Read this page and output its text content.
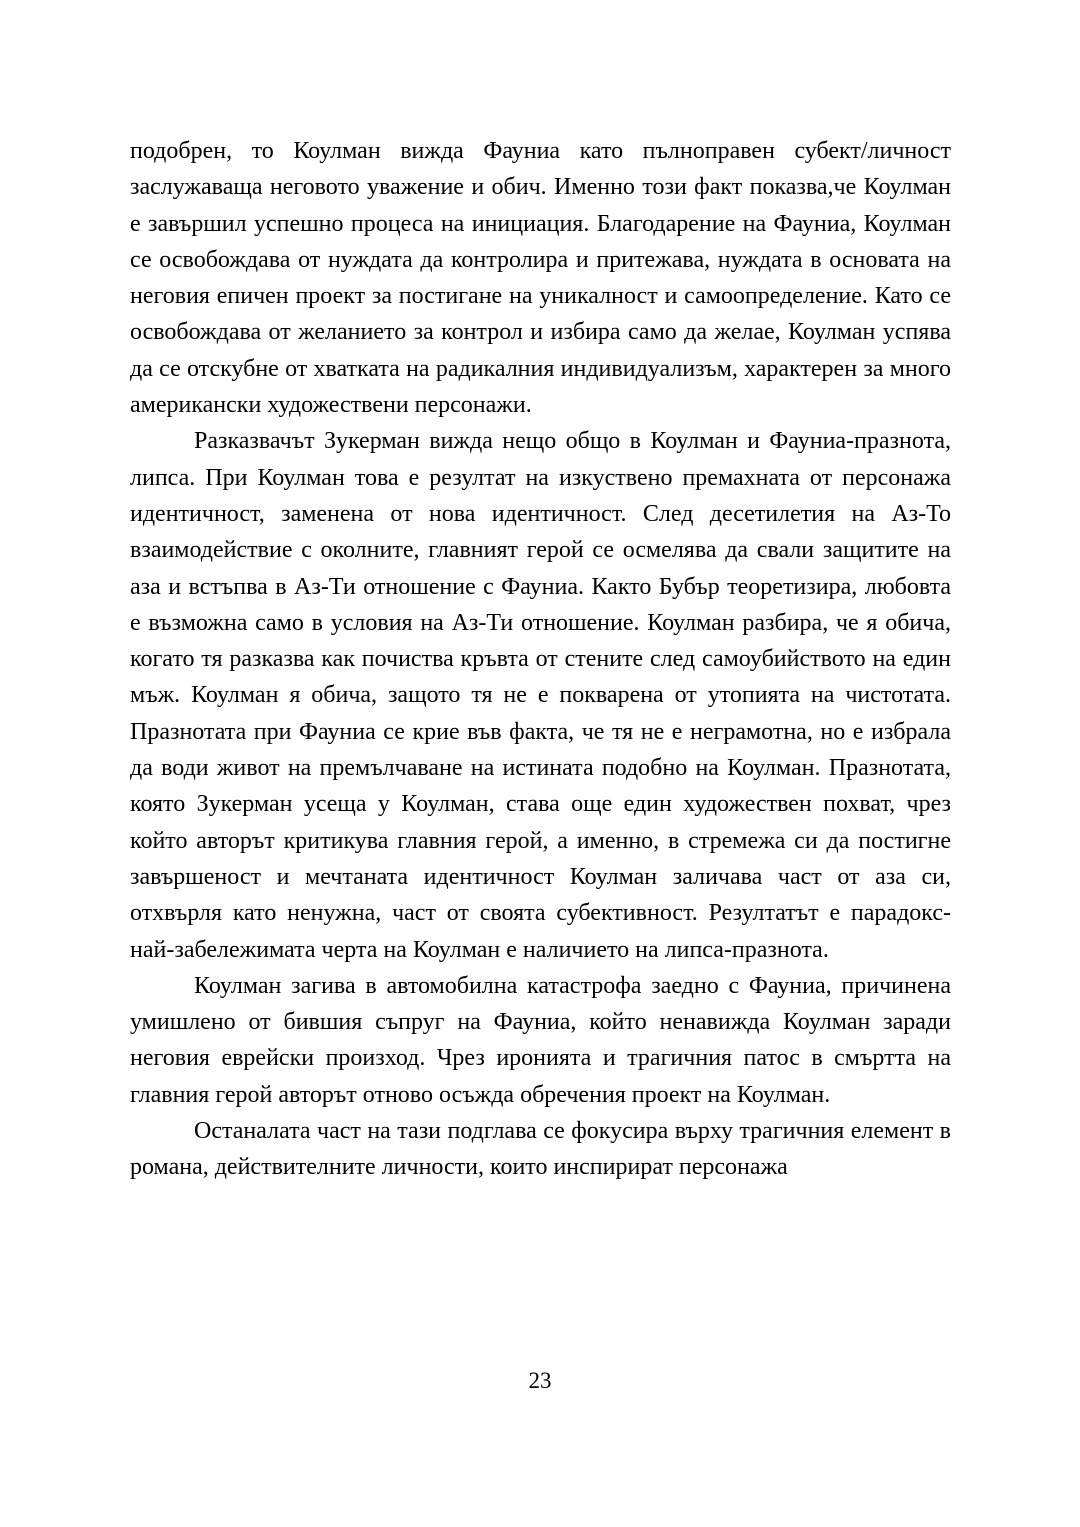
подобрен, то Коулман вижда Фауниа като пълноправен субект/личност заслужаваща неговото уважение и обич. Именно този факт показва,че Коулман е завършил успешно процеса на инициация. Благодарение на Фауниа, Коулман се освобождава от нуждата да контролира и притежава, нуждата в основата на неговия епичен проект за постигане на уникалност и самоопределение. Като се освобождава от желанието за контрол и избира само да желае, Коулман успява да се отскубне от хватката на радикалния индивидуализъм, характерен за много американски художествени персонажи.

Разказвачът Зукерман вижда нещо общо в Коулман и Фауниа-празнота, липса. При Коулман това е резултат на изкуствено премахната от персонажа идентичност, заменена от нова идентичност. След десетилетия на Аз-То взаимодействие с околните, главният герой се осмелява да свали защитите на аза и встъпва в Аз-Ти отношение с Фауниа. Както Бубър теоретизира, любовта е възможна само в условия на Аз-Ти отношение. Коулман разбира, че я обича, когато тя разказва как почиства кръвта от стените след самоубийството на един мъж. Коулман я обича, защото тя не е покварена от утопията на чистотата. Празнотата при Фауниа се крие във факта, че тя не е неграмотна, но е избрала да води живот на премълчаване на истината подобно на Коулман. Празнотата, която Зукерман усеща у Коулман, става още един художествен похват, чрез който авторът критикува главния герой, а именно, в стремежа си да постигне завършеност и мечтаната идентичност Коулман заличава част от аза си, отхвърля като ненужна, част от своята субективност. Резултатът е парадокс-най-забележимата черта на Коулман е наличието на липса-празнота.

Коулман загива в автомобилна катастрофа заедно с Фауниа, причинена умишлено от бившия съпруг на Фауниа, който ненавижда Коулман заради неговия еврейски произход. Чрез иронията и трагичния патос в смъртта на главния герой авторът отново осъжда обречения проект на Коулман.

Останалата част на тази подглава се фокусира върху трагичния елемент в романа, действителните личности, които инспирират персонажа

23
